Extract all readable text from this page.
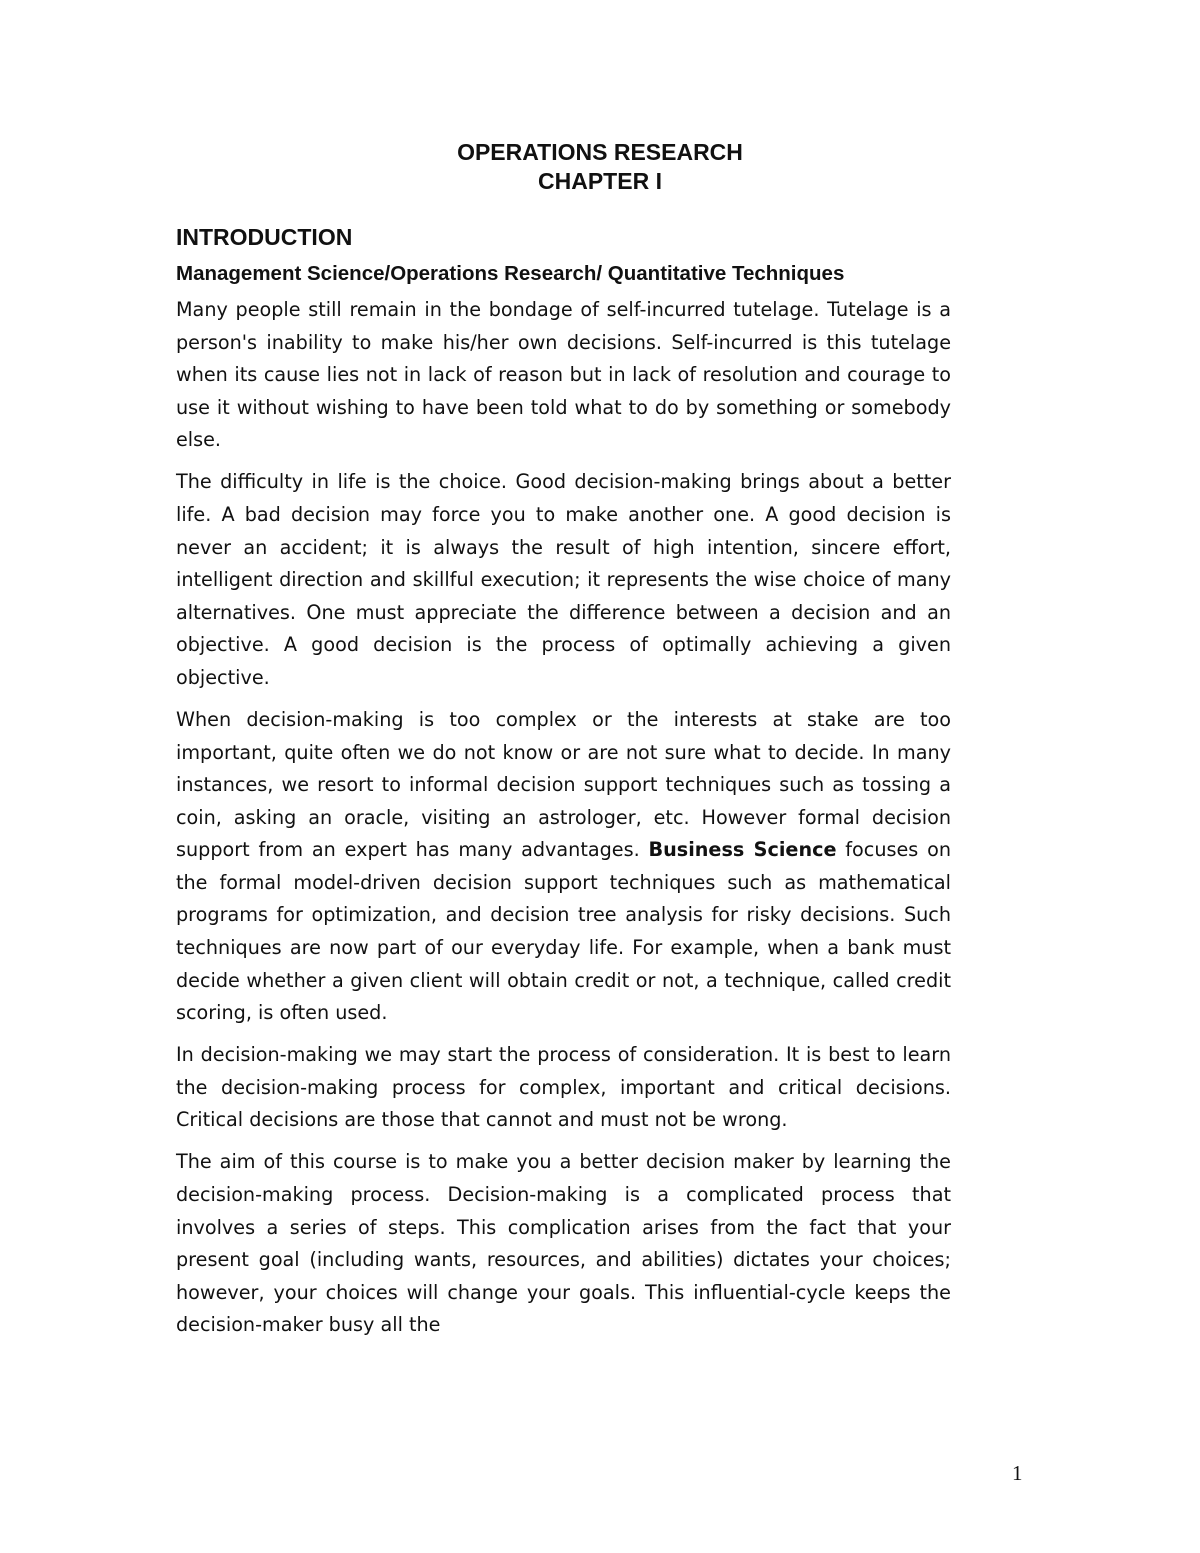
OPERATIONS RESEARCH
CHAPTER I
INTRODUCTION
Management Science/Operations Research/ Quantitative Techniques

Many people still remain in the bondage of self-incurred tutelage. Tutelage is a person's inability to make his/her own decisions. Self-incurred is this tutelage when its cause lies not in lack of reason but in lack of resolution and courage to use it without wishing to have been told what to do by something or somebody else.

The difficulty in life is the choice. Good decision-making brings about a better life. A bad decision may force you to make another one. A good decision is never an accident; it is always the result of high intention, sincere effort, intelligent direction and skillful execution; it represents the wise choice of many alternatives. One must appreciate the difference between a decision and an objective. A good decision is the process of optimally achieving a given objective.

When decision-making is too complex or the interests at stake are too important, quite often we do not know or are not sure what to decide. In many instances, we resort to informal decision support techniques such as tossing a coin, asking an oracle, visiting an astrologer, etc. However formal decision support from an expert has many advantages. Business Science focuses on the formal model-driven decision support techniques such as mathematical programs for optimization, and decision tree analysis for risky decisions. Such techniques are now part of our everyday life. For example, when a bank must decide whether a given client will obtain credit or not, a technique, called credit scoring, is often used.

In decision-making we may start the process of consideration. It is best to learn the decision-making process for complex, important and critical decisions. Critical decisions are those that cannot and must not be wrong.

The aim of this course is to make you a better decision maker by learning the decision-making process. Decision-making is a complicated process that involves a series of steps. This complication arises from the fact that your present goal (including wants, resources, and abilities) dictates your choices; however, your choices will change your goals. This influential-cycle keeps the decision-maker busy all the

1
